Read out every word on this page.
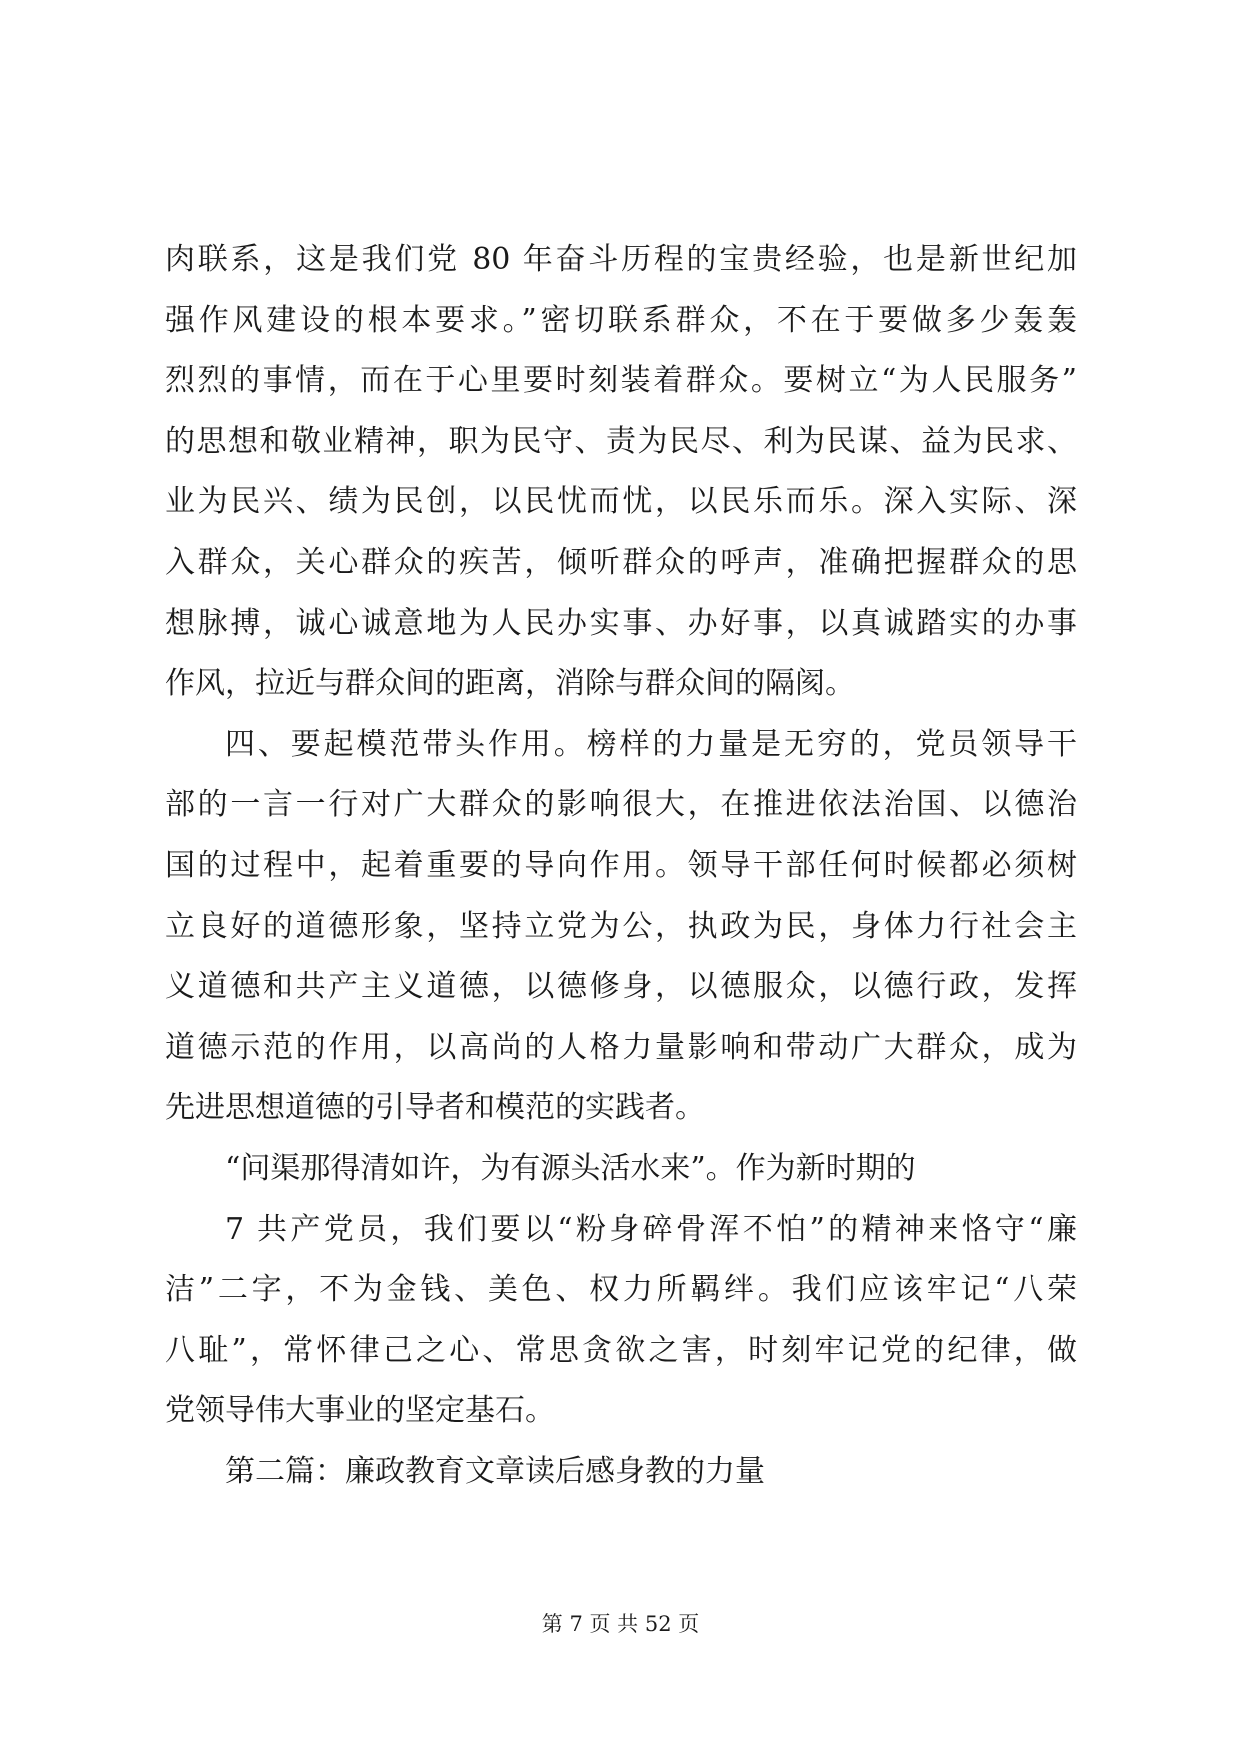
肉联系，这是我们党 80 年奋斗历程的宝贵经验，也是新世纪加
强作风建设的根本要求。”密切联系群众，不在于要做多少轰轰
烈烈的事情，而在于心里要时刻装着群众。要树立“为人民服务”
的思想和敬业精神，职为民守、责为民尽、利为民谋、益为民求、
业为民兴、绩为民创，以民忧而忧，以民乐而乐。深入实际、深
入群众，关心群众的疾苦，倾听群众的呼声，准确把握群众的思
想脉搏，诚心诚意地为人民办实事、办好事，以真诚踏实的办事
作风，拉近与群众间的距离，消除与群众间的隔阂。
四、要起模范带头作用。榜样的力量是无穷的，党员领导干
部的一言一行对广大群众的影响很大，在推进依法治国、以德治
国的过程中，起着重要的导向作用。领导干部任何时候都必须树
立良好的道德形象，坚持立党为公，执政为民，身体力行社会主
义道德和共产主义道德，以德修身，以德服众，以德行政，发挥
道德示范的作用，以高尚的人格力量影响和带动广大群众，成为
先进思想道德的引导者和模范的实践者。
“问渠那得清如许，为有源头活水来”。作为新时期的
7 共产党员，我们要以“粉身碎骨浑不怕”的精神来恪守“廉
洁”二字，不为金钱、美色、权力所羁绊。我们应该牢记“八荣
八耻”，常怀律己之心、常思贪欲之害，时刻牢记党的纪律，做
党领导伟大事业的坚定基石。
第二篇：廉政教育文章读后感身教的力量
第 7 页 共 52 页
